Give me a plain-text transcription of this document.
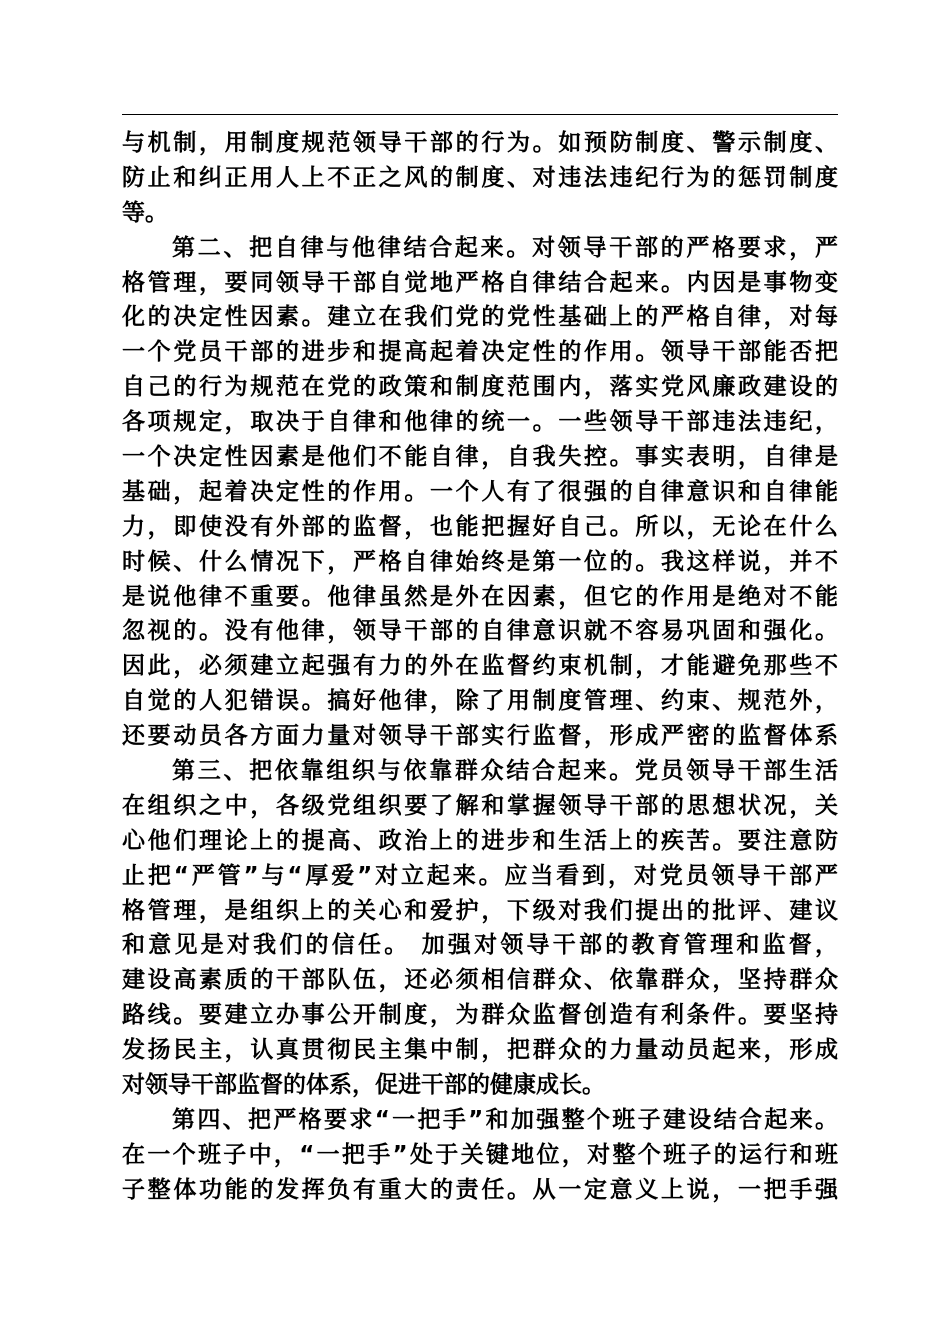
与机制，用制度规范领导干部的行为。如预防制度、警示制度、
防止和纠正用人上不正之风的制度、对违法违纪行为的惩罚制度
等。
第二、把自律与他律结合起来。对领导干部的严格要求，严
格管理，要同领导干部自觉地严格自律结合起来。内因是事物变
化的决定性因素。建立在我们党的党性基础上的严格自律，对每
一个党员干部的进步和提高起着决定性的作用。领导干部能否把
自己的行为规范在党的政策和制度范围内，落实党风廉政建设的
各项规定，取决于自律和他律的统一。一些领导干部违法违纪，
一个决定性因素是他们不能自律，自我失控。事实表明，自律是
基础，起着决定性的作用。一个人有了很强的自律意识和自律能
力，即使没有外部的监督，也能把握好自己。所以，无论在什么
时候、什么情况下，严格自律始终是第一位的。我这样说，并不
是说他律不重要。他律虽然是外在因素，但它的作用是绝对不能
忽视的。没有他律，领导干部的自律意识就不容易巩固和强化。
因此，必须建立起强有力的外在监督约束机制，才能避免那些不
自觉的人犯错误。搞好他律，除了用制度管理、约束、规范外，
还要动员各方面力量对领导干部实行监督，形成严密的监督体系
第三、把依靠组织与依靠群众结合起来。党员领导干部生活
在组织之中，各级党组织要了解和掌握领导干部的思想状况，关
心他们理论上的提高、政治上的进步和生活上的疾苦。要注意防
止把“严管”与“厚爱”对立起来。应当看到，对党员领导干部严
格管理，是组织上的关心和爱护，下级对我们提出的批评、建议
和意见是对我们的信任。 加强对领导干部的教育管理和监督，
建设高素质的干部队伍，还必须相信群众、依靠群众，坚持群众
路线。要建立办事公开制度，为群众监督创造有利条件。要坚持
发扬民主，认真贯彻民主集中制，把群众的力量动员起来，形成
对领导干部监督的体系，促进干部的健康成长。
第四、把严格要求“一把手”和加强整个班子建设结合起来。
在一个班子中，“一把手”处于关键地位，对整个班子的运行和班
子整体功能的发挥负有重大的责任。从一定意义上说，一把手强
